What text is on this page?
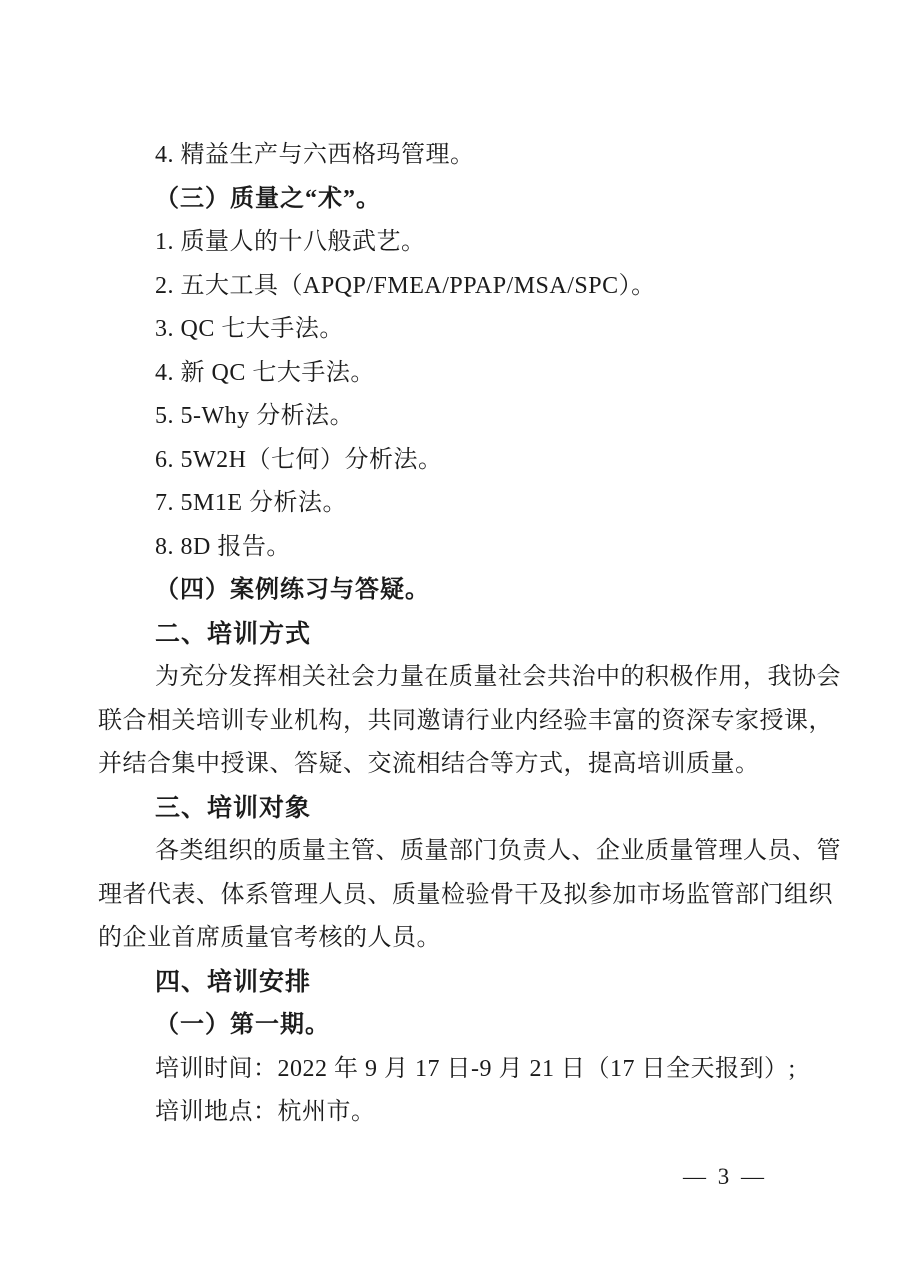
4. 精益生产与六西格玛管理。

（三）质量之“术”。

1. 质量人的十八般武艺。

2. 五大工具（APQP/FMEA/PPAP/MSA/SPC）。

3. QC 七大手法。

4. 新 QC 七大手法。

5. 5-Why 分析法。

6. 5W2H（七何）分析法。

7. 5M1E 分析法。

8. 8D 报告。

（四）案例练习与答疑。

二、培训方式

为充分发挥相关社会力量在质量社会共治中的积极作用，我协会

联合相关培训专业机构，共同邀请行业内经验丰富的资深专家授课，

并结合集中授课、答疑、交流相结合等方式，提高培训质量。

三、培训对象

各类组织的质量主管、质量部门负责人、企业质量管理人员、管

理者代表、体系管理人员、质量检验骨干及拟参加市场监管部门组织

的企业首席质量官考核的人员。

四、培训安排

（一）第一期。

培训时间：2022 年 9 月 17 日-9 月 21 日（17 日全天报到）;

培训地点：杭州市。

— 3 —
